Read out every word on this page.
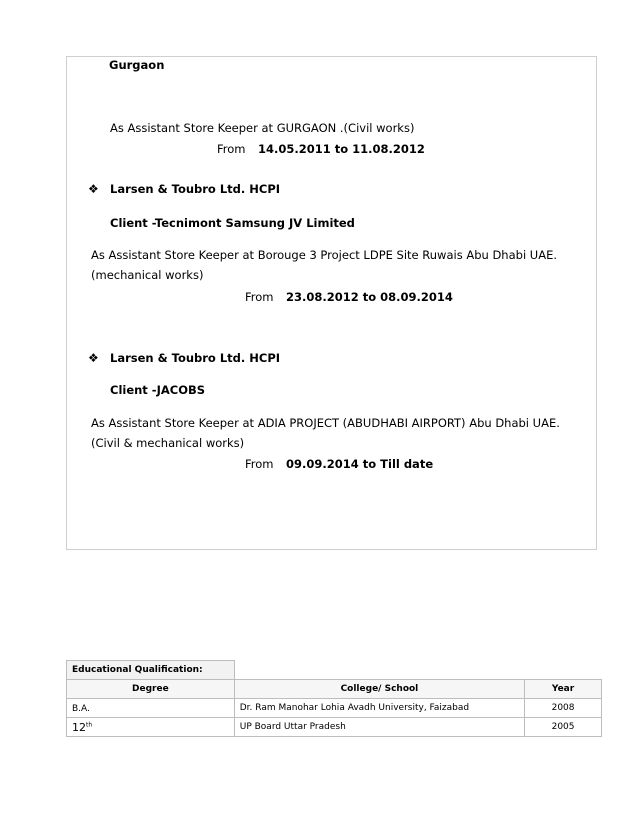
Gurgaon
As Assistant Store Keeper at GURGAON .(Civil works)
From 14.05.2011 to 11.08.2012
❖ Larsen & Toubro Ltd. HCPI
Client -Tecnimont Samsung JV Limited
As Assistant Store Keeper at Borouge 3 Project LDPE Site Ruwais Abu Dhabi UAE.
(mechanical works)
From 23.08.2012 to 08.09.2014
❖ Larsen & Toubro Ltd. HCPI
Client -JACOBS
As Assistant Store Keeper at ADIA PROJECT (ABUDHABI AIRPORT) Abu Dhabi UAE.
(Civil & mechanical works)
From 09.09.2014 to Till date
Educational Qualification:		
Degree	College/ School	Year
B.A.	Dr. Ram Manohar Lohia Avadh University, Faizabad	2008
12th	UP Board Uttar Pradesh	2005
